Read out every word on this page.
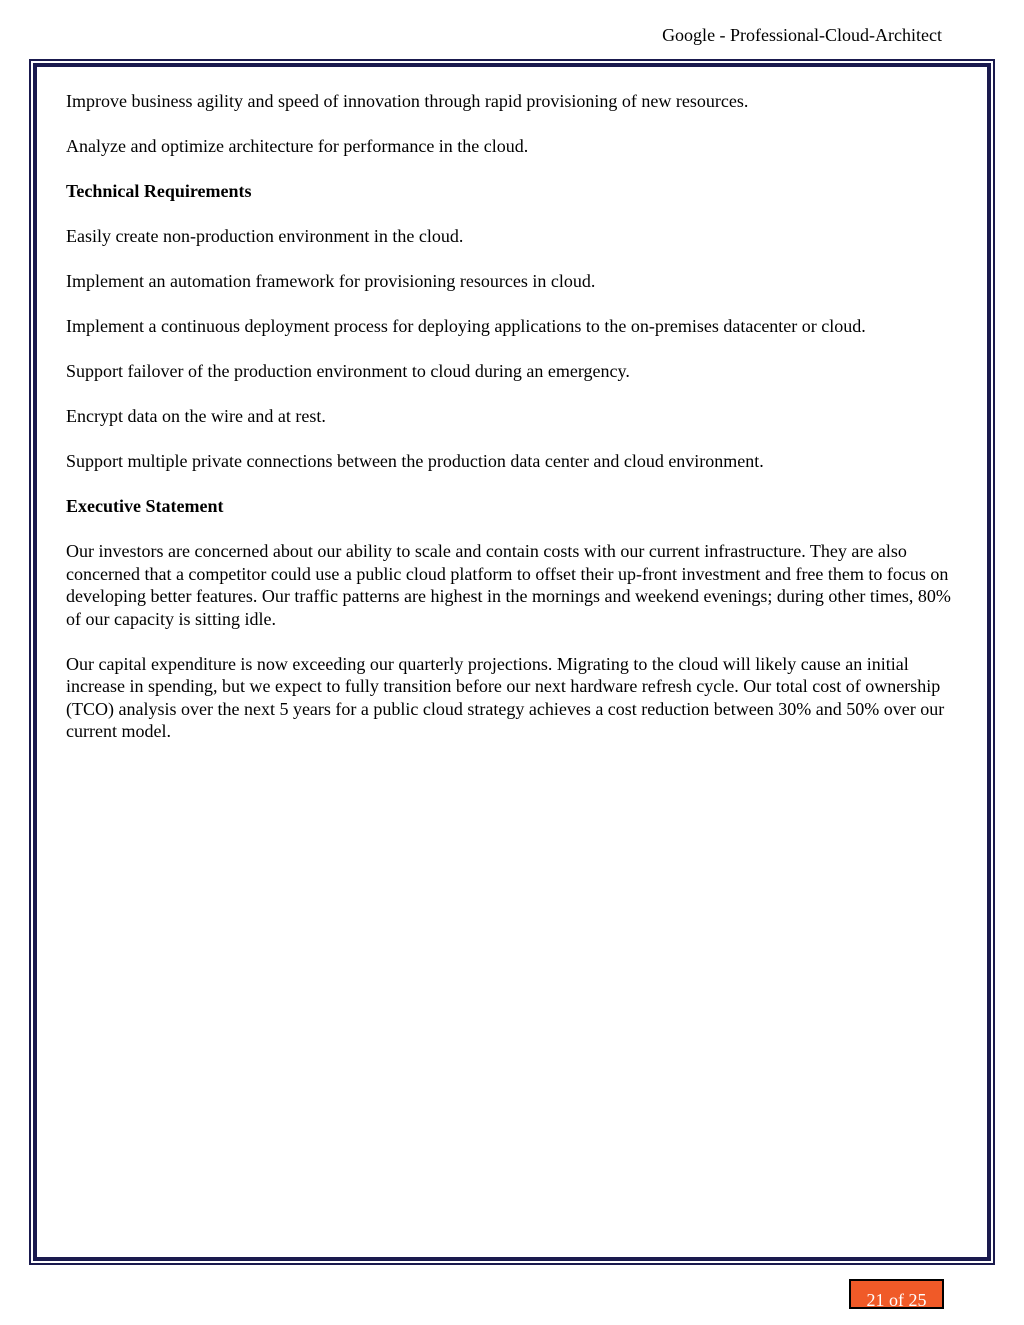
Google - Professional-Cloud-Architect

Improve business agility and speed of innovation through rapid provisioning of new resources.

Analyze and optimize architecture for performance in the cloud.

Technical Requirements

Easily create non-production environment in the cloud.

Implement an automation framework for provisioning resources in cloud.

Implement a continuous deployment process for deploying applications to the on-premises datacenter or cloud.

Support failover of the production environment to cloud during an emergency.

Encrypt data on the wire and at rest.

Support multiple private connections between the production data center and cloud environment.

Executive Statement

Our investors are concerned about our ability to scale and contain costs with our current infrastructure. They are also concerned that a competitor could use a public cloud platform to offset their up-front investment and free them to focus on developing better features. Our traffic patterns are highest in the mornings and weekend evenings; during other times, 80% of our capacity is sitting idle.

Our capital expenditure is now exceeding our quarterly projections. Migrating to the cloud will likely cause an initial increase in spending, but we expect to fully transition before our next hardware refresh cycle. Our total cost of ownership (TCO) analysis over the next 5 years for a public cloud strategy achieves a cost reduction between 30% and 50% over our current model.

21 of 25
